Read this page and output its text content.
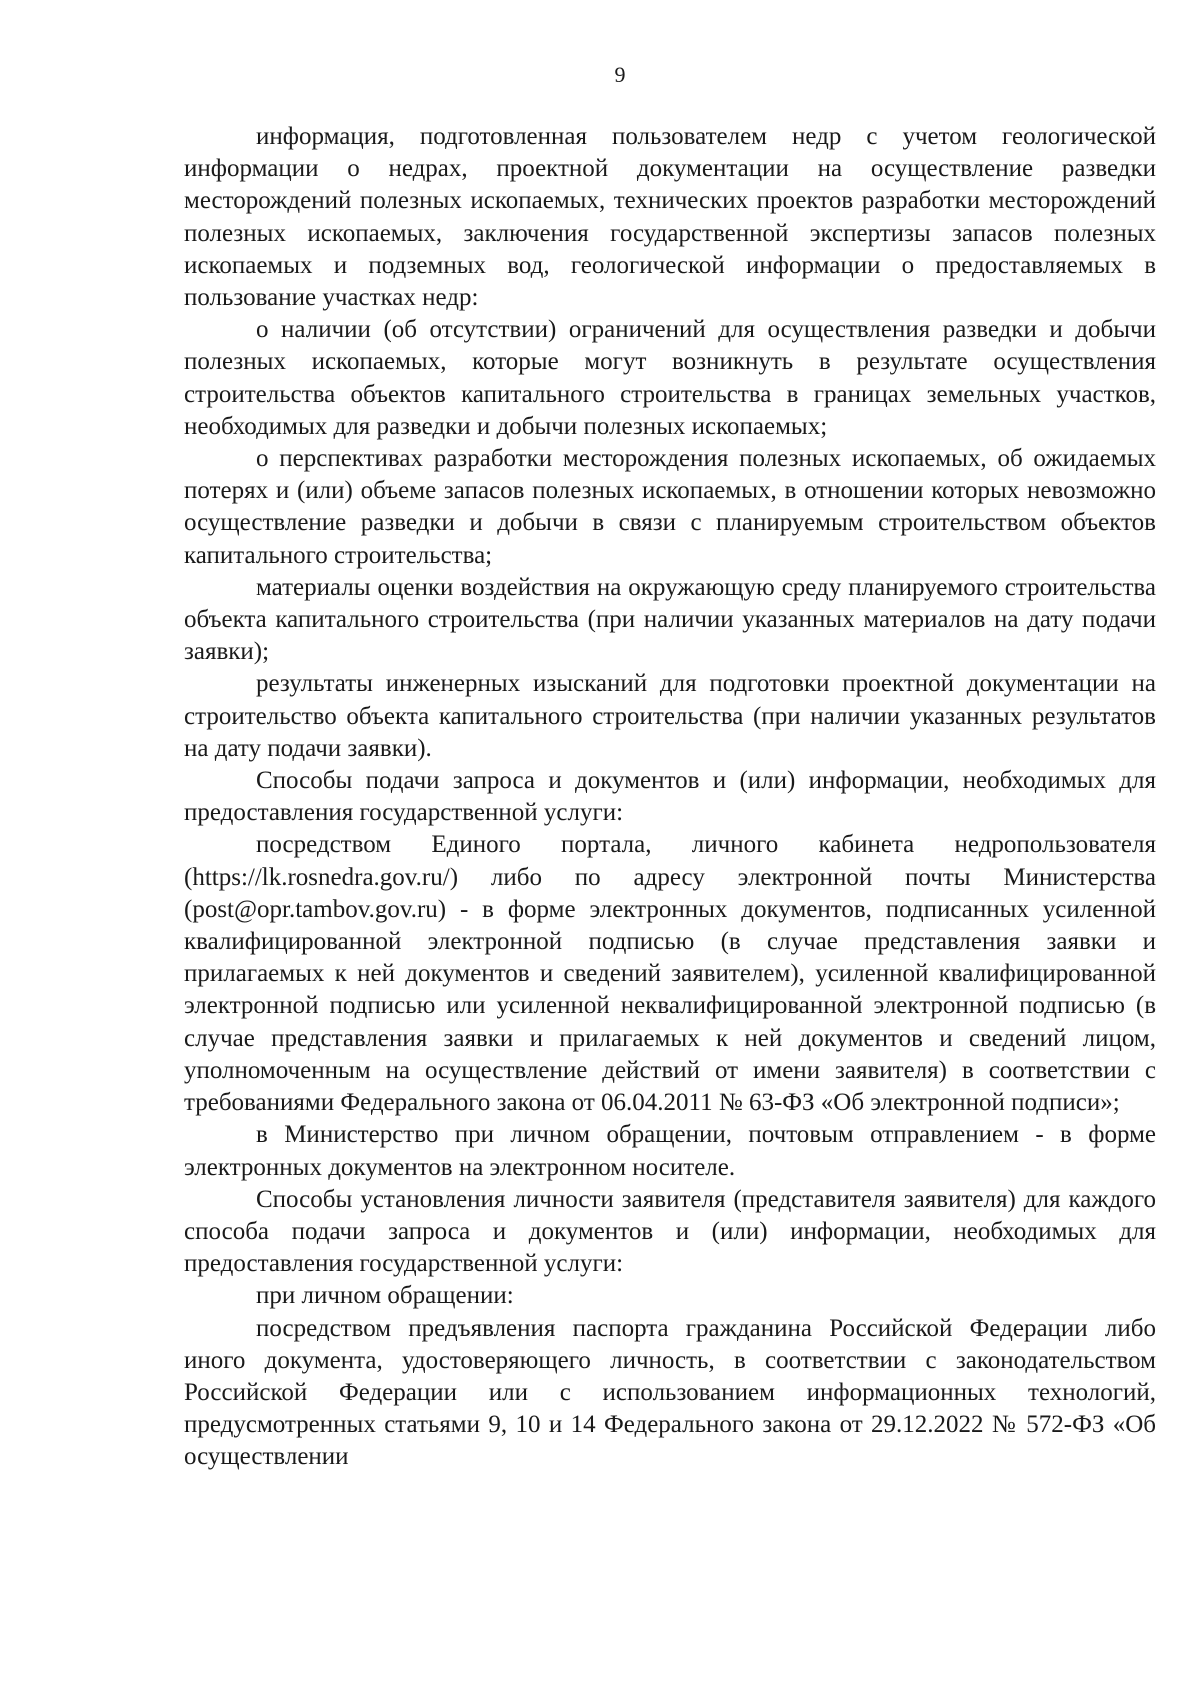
9

информация, подготовленная пользователем недр с учетом геологической информации о недрах, проектной документации на осуществление разведки месторождений полезных ископаемых, технических проектов разработки месторождений полезных ископаемых, заключения государственной экспертизы запасов полезных ископаемых и подземных вод, геологической информации о предоставляемых в пользование участках недр:

о наличии (об отсутствии) ограничений для осуществления разведки и добычи полезных ископаемых, которые могут возникнуть в результате осуществления строительства объектов капитального строительства в границах земельных участков, необходимых для разведки и добычи полезных ископаемых;

о перспективах разработки месторождения полезных ископаемых, об ожидаемых потерях и (или) объеме запасов полезных ископаемых, в отношении которых невозможно осуществление разведки и добычи в связи с планируемым строительством объектов капитального строительства;

материалы оценки воздействия на окружающую среду планируемого строительства объекта капитального строительства (при наличии указанных материалов на дату подачи заявки);

результаты инженерных изысканий для подготовки проектной документации на строительство объекта капитального строительства (при наличии указанных результатов на дату подачи заявки).

Способы подачи запроса и документов и (или) информации, необходимых для предоставления государственной услуги:

посредством Единого портала, личного кабинета недропользователя (https://lk.rosnedra.gov.ru/) либо по адресу электронной почты Министерства (post@opr.tambov.gov.ru) - в форме электронных документов, подписанных усиленной квалифицированной электронной подписью (в случае представления заявки и прилагаемых к ней документов и сведений заявителем), усиленной квалифицированной электронной подписью или усиленной неквалифицированной электронной подписью (в случае представления заявки и прилагаемых к ней документов и сведений лицом, уполномоченным на осуществление действий от имени заявителя) в соответствии с требованиями Федерального закона от 06.04.2011 № 63-ФЗ «Об электронной подписи»;

в Министерство при личном обращении, почтовым отправлением - в форме электронных документов на электронном носителе.

Способы установления личности заявителя (представителя заявителя) для каждого способа подачи запроса и документов и (или) информации, необходимых для предоставления государственной услуги:

при личном обращении:

посредством предъявления паспорта гражданина Российской Федерации либо иного документа, удостоверяющего личность, в соответствии с законодательством Российской Федерации или с использованием информационных технологий, предусмотренных статьями 9, 10 и 14 Федерального закона от 29.12.2022 № 572-ФЗ «Об осуществлении
